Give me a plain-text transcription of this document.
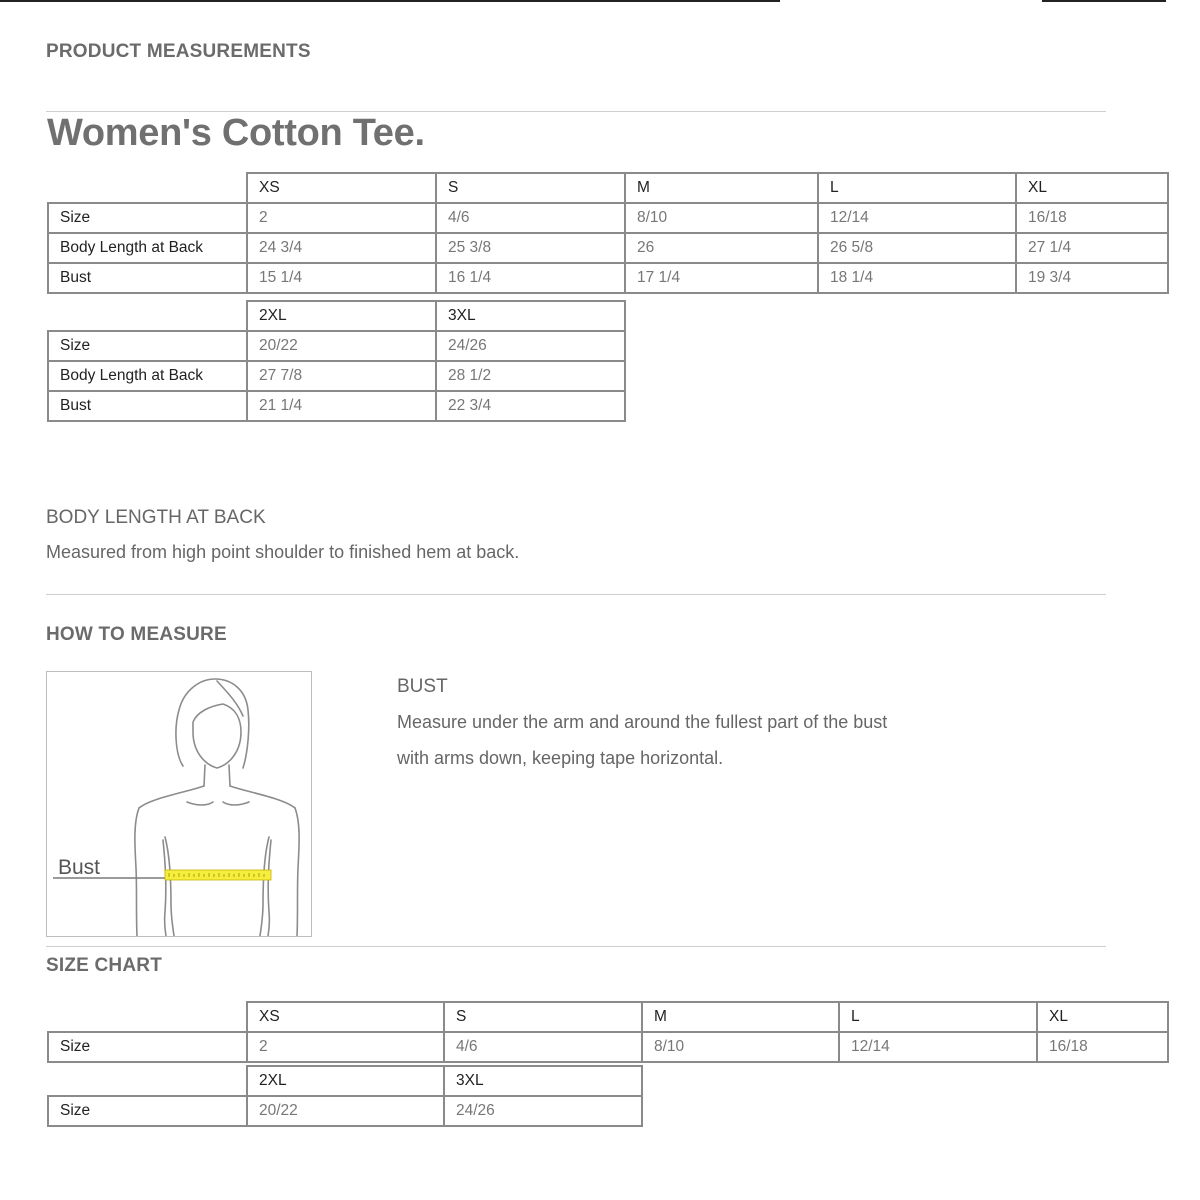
PRODUCT MEASUREMENTS
Women's Cotton Tee.
	XS	S	M	L	XL
Size	2	4/6	8/10	12/14	16/18
Body Length at Back	24 3/4	25 3/8	26	26 5/8	27 1/4
Bust	15 1/4	16 1/4	17 1/4	18 1/4	19 3/4
	2XL	3XL
Size	20/22	24/26
Body Length at Back	27 7/8	28 1/2
Bust	21 1/4	22 3/4

BODY LENGTH AT BACK

Measured from high point shoulder to finished hem at back.

HOW TO MEASURE

Bust

BUST

Measure under the arm and around the fullest part of the bust

with arms down, keeping tape horizontal.

SIZE CHART
	XS	S	M	L	XL
Size	2	4/6	8/10	12/14	16/18
	2XL	3XL
Size	20/22	24/26
